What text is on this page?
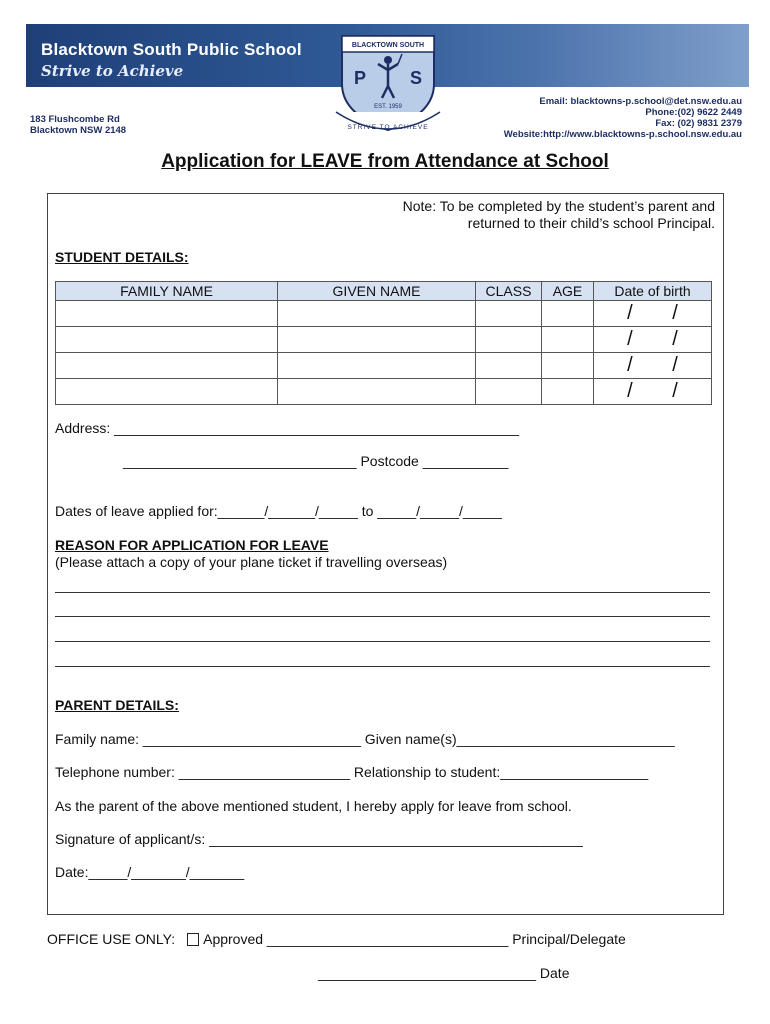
Blacktown South Public School
Strive to Achieve
BLACKTOWN SOUTH
P S
EST. 1959
STRIVE TO ACHIEVE
183 Flushcombe Rd
Blacktown NSW 2148
Email: blacktowns-p.school@det.nsw.edu.au
Phone:(02) 9622 2449
Fax: (02) 9831 2379
Website:http://www.blacktowns-p.school.nsw.edu.au
Application for LEAVE from Attendance at School
Note: To be completed by the student’s parent and
returned to their child’s school Principal.
STUDENT DETAILS:
FAMILY NAME	GIVEN NAME	CLASS	AGE	Date of birth
				/ /
				/ /
				/ /
				/ /
Address: ____________________________________________________
______________________________ Postcode ___________
Dates of leave applied for:______/______/_____ to _____/_____/_____
REASON FOR APPLICATION FOR LEAVE
(Please attach a copy of your plane ticket if travelling overseas)
PARENT DETAILS:
Family name: ____________________________ Given name(s)____________________________
Telephone number: ______________________ Relationship to student:___________________
As the parent of the above mentioned student, I hereby apply for leave from school.
Signature of applicant/s: ________________________________________________
Date:_____/_______/_______
OFFICE USE ONLY: Approved _______________________________ Principal/Delegate
____________________________ Date
